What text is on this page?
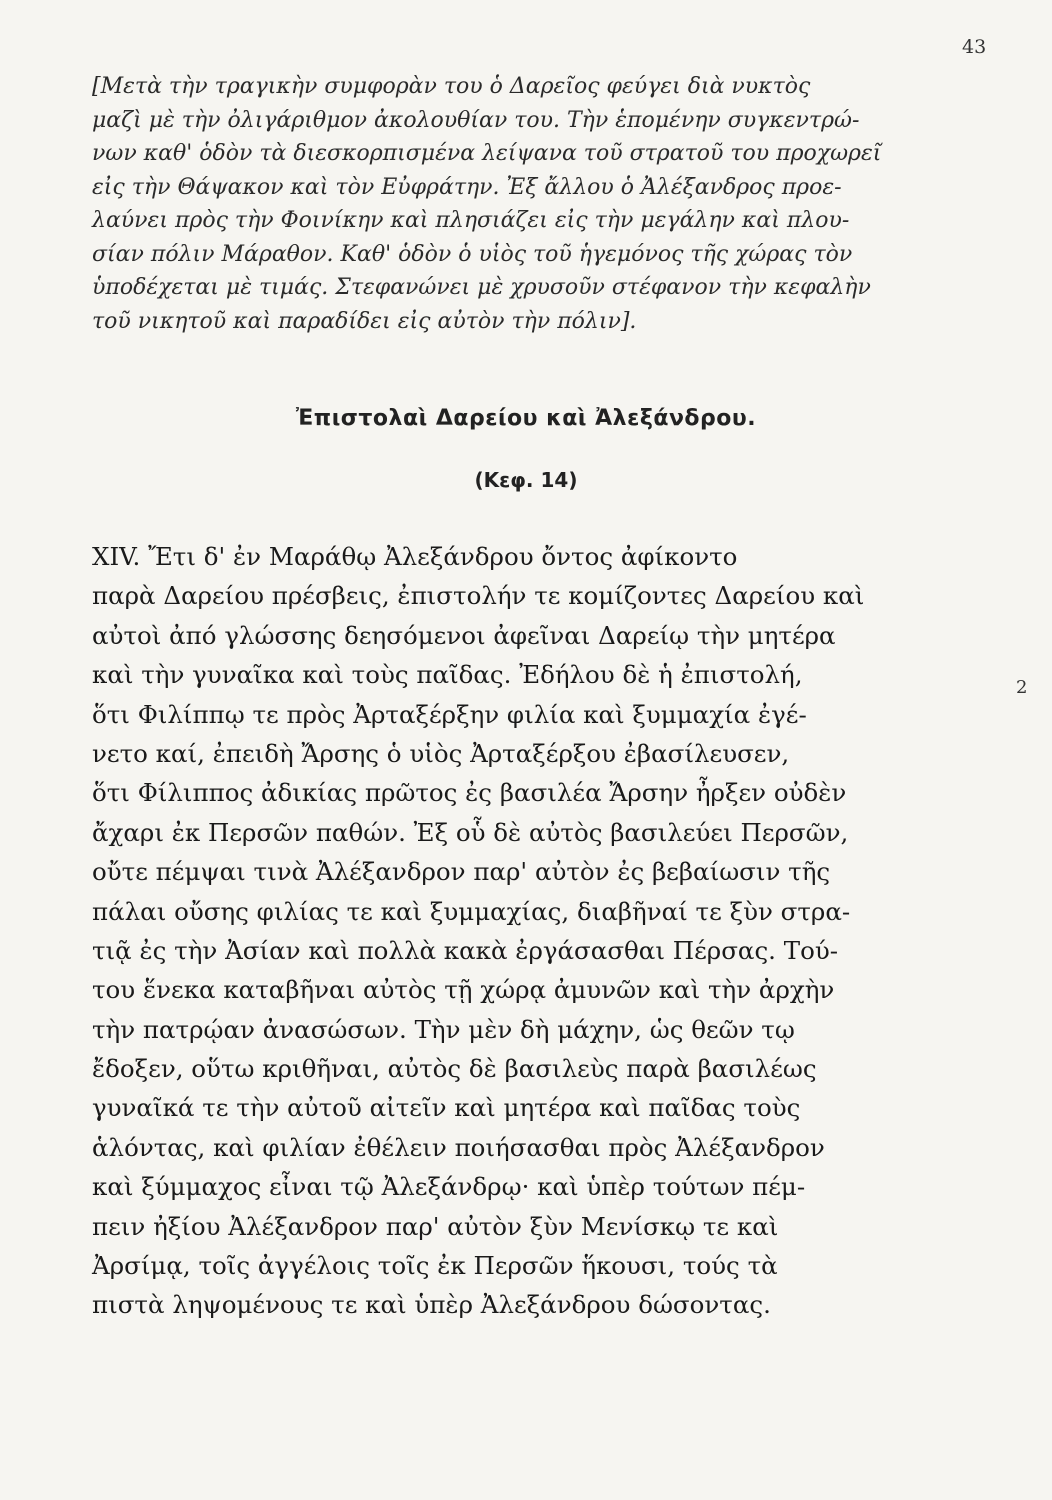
43
[Μετὰ τὴν τραγικὴν συμφορὰν του ὁ Δαρεῖος φεύγει διὰ νυκτὸς
μαζὶ μὲ τὴν ὀλιγάριθμον ἀκολουθίαν του. Τὴν ἑπομένην συγκεντρώ-
νων καθ' ὁδὸν τὰ διεσκορπισμένα λείψανα τοῦ στρατοῦ του προχωρεῖ
εἰς τὴν Θάψακον καὶ τὸν Εὐφράτην. Ἐξ ἄλλου ὁ Ἀλέξανδρος προε-
λαύνει πρὸς τὴν Φοινίκην καὶ πλησιάζει εἰς τὴν μεγάλην καὶ πλου-
σίαν πόλιν Μάραθον. Καθ' ὁδὸν ὁ υἱὸς τοῦ ἡγεμόνος τῆς χώρας τὸν
ὑποδέχεται μὲ τιμάς. Στεφανώνει μὲ χρυσοῦν στέφανον τὴν κεφαλὴν
τοῦ νικητοῦ καὶ παραδίδει εἰς αὐτὸν τὴν πόλιν].
Ἐπιστολαὶ Δαρείου καὶ Ἀλεξάνδρου.
(Κεφ. 14)
XIV. Ἔτι δ' ἐν Μαράθῳ Ἀλεξάνδρου ὄντος ἀφίκοντο
παρὰ Δαρείου πρέσβεις, ἐπιστολήν τε κομίζοντες Δαρείου καὶ
αὐτοὶ ἀπό γλώσσης δεησόμενοι ἀφεῖναι Δαρείῳ τὴν μητέρα
καὶ τὴν γυναῖκα καὶ τοὺς παῖδας. Ἐδήλου δὲ ἡ ἐπιστολή,
ὅτι Φιλίππῳ τε πρὸς Ἀρταξέρξην φιλία καὶ ξυμμαχία ἐγέ-
νετο καί, ἐπειδὴ Ἄρσης ὁ υἱὸς Ἀρταξέρξου ἐβασίλευσεν,
ὅτι Φίλιππος ἀδικίας πρῶτος ἐς βασιλέα Ἄρσην ἦρξεν οὐδὲν
ἄχαρι ἐκ Περσῶν παθών. Ἐξ οὗ δὲ αὐτὸς βασιλεύει Περσῶν,
οὔτε πέμψαι τινὰ Ἀλέξανδρον παρ' αὐτὸν ἐς βεβαίωσιν τῆς
πάλαι οὔσης φιλίας τε καὶ ξυμμαχίας, διαβῆναί τε ξὺν στρα-
τιᾷ ἐς τὴν Ἀσίαν καὶ πολλὰ κακὰ ἐργάσασθαι Πέρσας. Τού-
του ἕνεκα καταβῆναι αὐτὸς τῇ χώρᾳ ἀμυνῶν καὶ τὴν ἀρχὴν
τὴν πατρῴαν ἀνασώσων. Τὴν μὲν δὴ μάχην, ὡς θεῶν τῳ
ἔδοξεν, οὕτω κριθῆναι, αὐτὸς δὲ βασιλεὺς παρὰ βασιλέως
γυναῖκά τε τὴν αὐτοῦ αἰτεῖν καὶ μητέρα καὶ παῖδας τοὺς
ἁλόντας, καὶ φιλίαν ἐθέλειν ποιήσασθαι πρὸς Ἀλέξανδρον
καὶ ξύμμαχος εἶναι τῷ Ἀλεξάνδρῳ· καὶ ὑπὲρ τούτων πέμ-
πειν ἠξίου Ἀλέξανδρον παρ' αὐτὸν ξὺν Μενίσκῳ τε καὶ
Ἀρσίμᾳ, τοῖς ἀγγέλοις τοῖς ἐκ Περσῶν ἥκουσι, τούς τὰ
πιστὰ ληψομένους τε καὶ ὑπὲρ Ἀλεξάνδρου δώσοντας.
2
